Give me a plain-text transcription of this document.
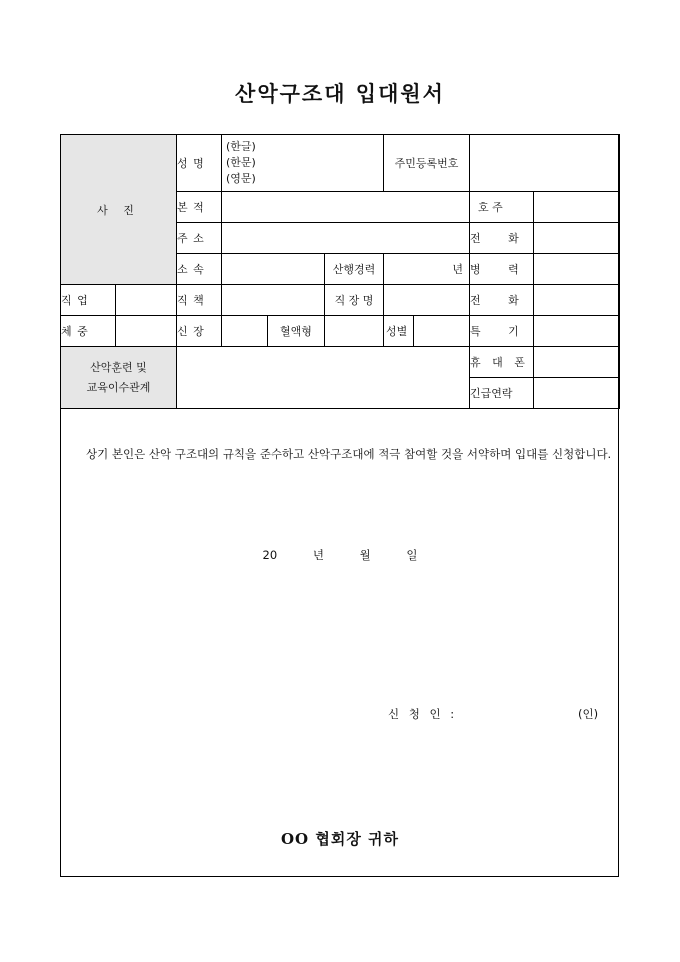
산악구조대 입대원서
사 진		성 명	(한글)
(한문)
(영문)			주민등록번호			
		본 적						호 주	

		주 소						전 화	
		소 속			산행경력	년		병 력	
직 업		직 책			직 장 명			전 화	
체 중		신 장		혈액형		성별		특 기	

산악훈련 및
교육이수관계								휴 대 폰	
								긴급연락	
상기 본인은 산악 구조대의 규칙을 준수하고 산악구조대에 적극 참여할 것을 서약하며 입대를 신청합니다.
20	년	월	일
신 청 인 :	(인)
OO 협회장 귀하
